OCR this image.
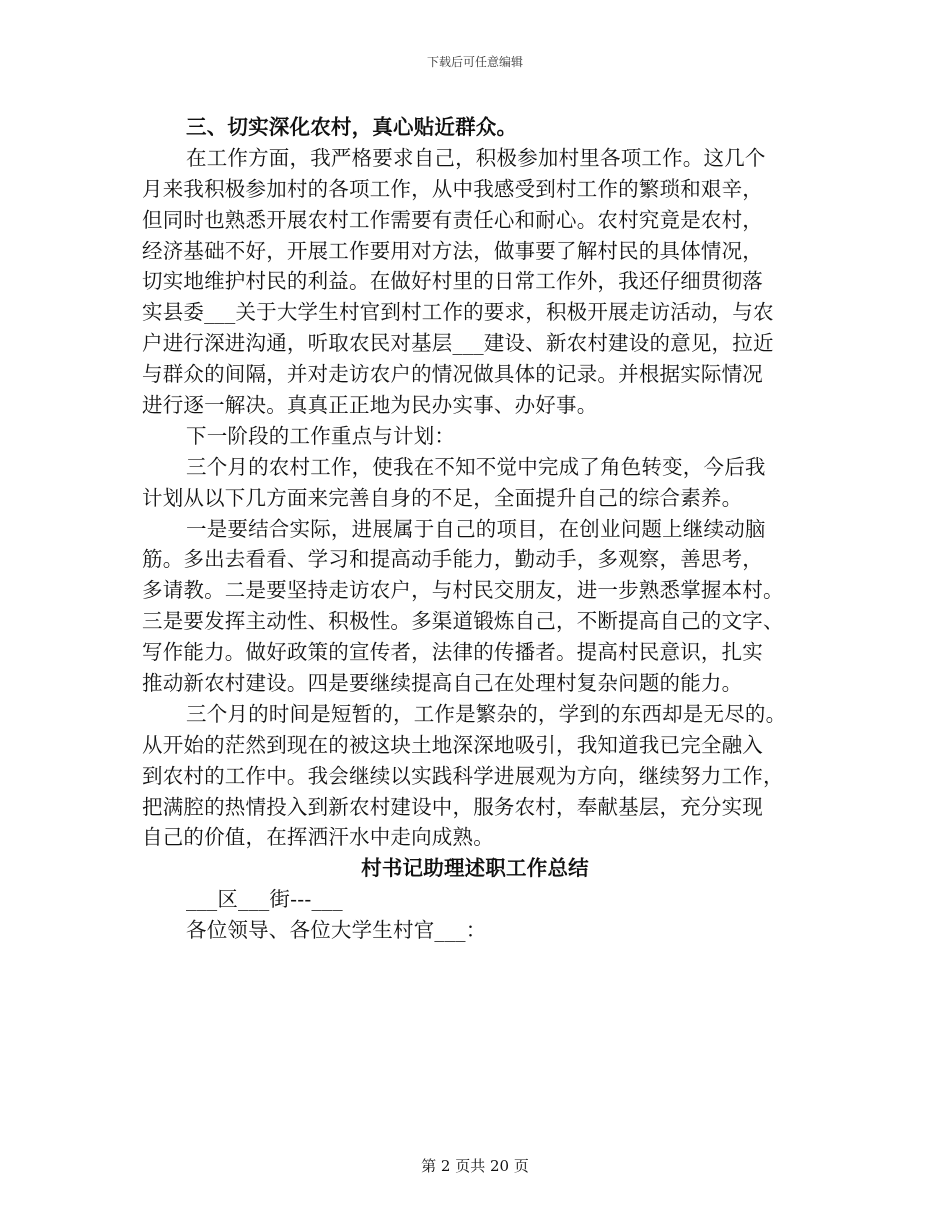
下载后可任意编辑
三、切实深化农村，真心贴近群众。
在工作方面，我严格要求自己，积极参加村里各项工作。这几个
月来我积极参加村的各项工作，从中我感受到村工作的繁琐和艰辛，
但同时也熟悉开展农村工作需要有责任心和耐心。农村究竟是农村，
经济基础不好，开展工作要用对方法，做事要了解村民的具体情况，
切实地维护村民的利益。在做好村里的日常工作外，我还仔细贯彻落
实县委___关于大学生村官到村工作的要求，积极开展走访活动，与农
户进行深进沟通，听取农民对基层___建设、新农村建设的意见，拉近
与群众的间隔，并对走访农户的情况做具体的记录。并根据实际情况
进行逐一解决。真真正正地为民办实事、办好事。
下一阶段的工作重点与计划：
三个月的农村工作，使我在不知不觉中完成了角色转变，今后我
计划从以下几方面来完善自身的不足，全面提升自己的综合素养。
一是要结合实际，进展属于自己的项目，在创业问题上继续动脑
筋。多出去看看、学习和提高动手能力，勤动手，多观察，善思考，
多请教。二是要坚持走访农户，与村民交朋友，进一步熟悉掌握本村。
三是要发挥主动性、积极性。多渠道锻炼自己，不断提高自己的文字、
写作能力。做好政策的宣传者，法律的传播者。提高村民意识，扎实
推动新农村建设。四是要继续提高自己在处理村复杂问题的能力。
三个月的时间是短暂的，工作是繁杂的，学到的东西却是无尽的。
从开始的茫然到现在的被这块土地深深地吸引，我知道我已完全融入
到农村的工作中。我会继续以实践科学进展观为方向，继续努力工作，
把满腔的热情投入到新农村建设中，服务农村，奉献基层，充分实现
自己的价值，在挥洒汗水中走向成熟。
村书记助理述职工作总结
___区___街---___
各位领导、各位大学生村官___：
第 2 页共 20 页
